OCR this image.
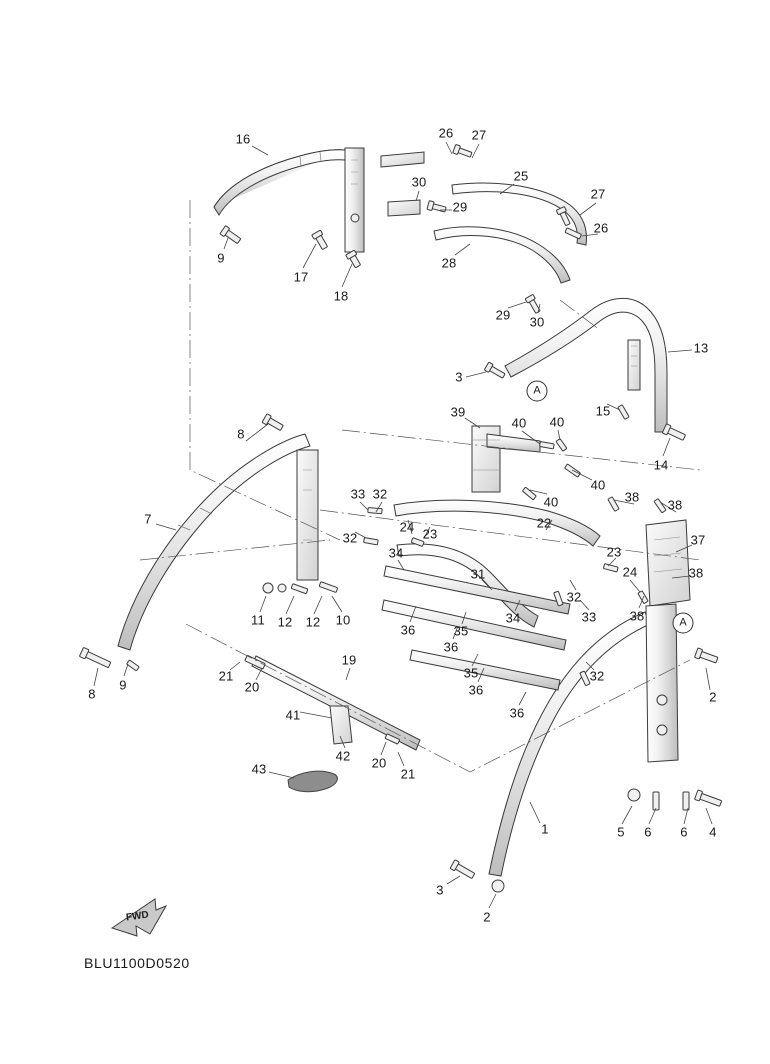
FWD
BLU1100D0520
16	26 27
30	25
29
27
26
9
17
18
28
29 30
13
3
15
14
39
40 40
40
40
8
33 32
32
24 23
22
38
38
37
23
24	38
38
7
34
31
32
33
34
11 12 12 10
36	35
36
35
36
32
36
8
9
21
20
19
2
41
42 20
21
43
1	5 6 6 4
3
2
A
A
